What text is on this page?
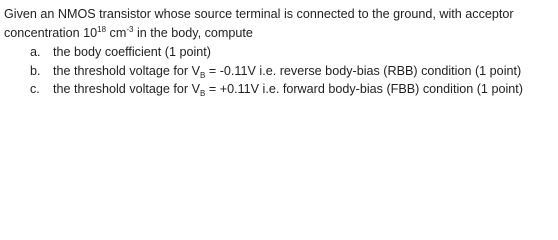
Given an NMOS transistor whose source terminal is connected to the ground, with acceptor
concentration $10^{18}$ $cm^{-3}$ in the body, compute
a. the body coefficient (1 point)
b. the threshold voltage for $V_B = -0.11V$ i.e. reverse body-bias (RBB) condition (1 point)
c.	the threshold voltage for $V_B = +0.11V$ i.e. forward body-bias (FBB) condition (1 point)
